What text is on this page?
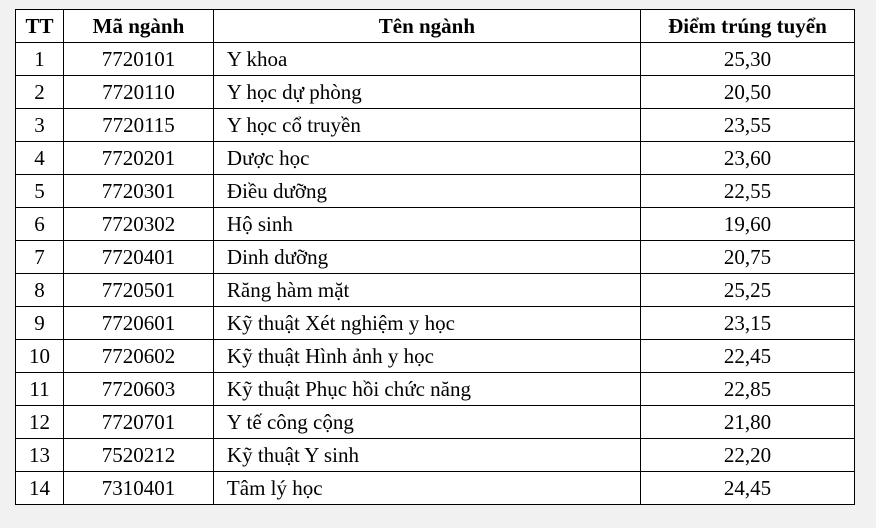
TT	Mã ngành	Tên ngành	Điểm trúng tuyển
1	7720101	Y khoa	25,30
2	7720110	Y học dự phòng	20,50
3	7720115	Y học cổ truyền	23,55
4	7720201	Dược học	23,60
5	7720301	Điều dưỡng	22,55
6	7720302	Hộ sinh	19,60
7	7720401	Dinh dưỡng	20,75
8	7720501	Răng hàm mặt	25,25
9	7720601	Kỹ thuật Xét nghiệm y học	23,15
10	7720602	Kỹ thuật Hình ảnh y học	22,45
11	7720603	Kỹ thuật Phục hồi chức năng	22,85
12	7720701	Y tế công cộng	21,80
13	7520212	Kỹ thuật Y sinh	22,20
14	7310401	Tâm lý học	24,45
